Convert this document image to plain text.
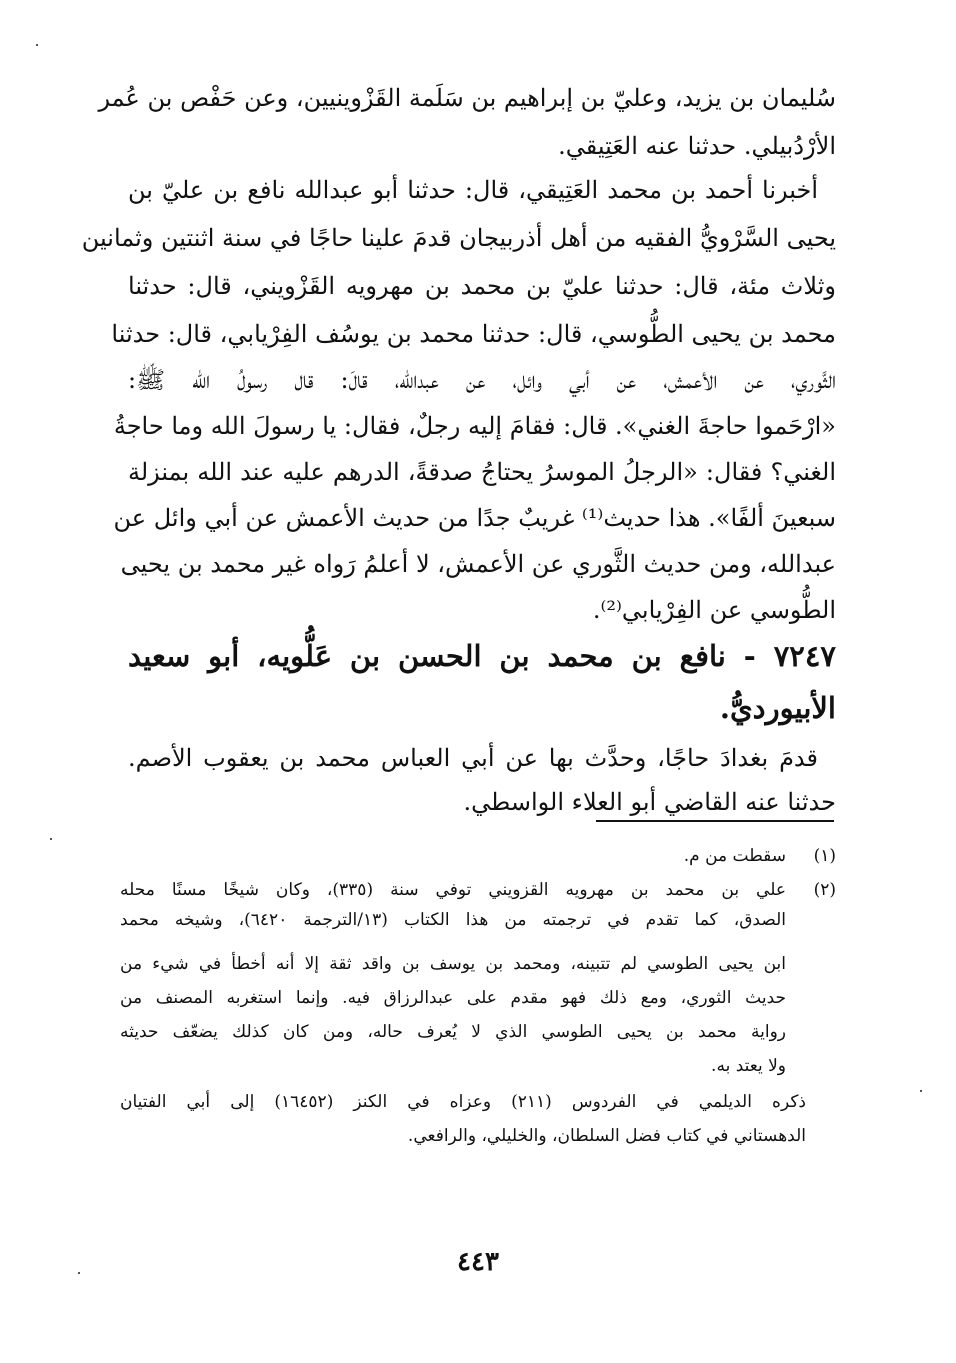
سُليمان بن يزيد، وعليّ بن إبراهيم بن سَلَمة القَزْوينيين، وعن حَفْص بن عُمر
الأرْدُبيلي. حدثنا عنه العَتِيقي.
أخبرنا أحمد بن محمد العَتِيقي، قال: حدثنا أبو عبدالله نافع بن عليّ بن
يحيى السَّرْويُّ الفقيه من أهل أذربيجان قدمَ علينا حاجًا في سنة اثنتين وثمانين
وثلاث مئة، قال: حدثنا عليّ بن محمد بن مهرويه القَزْويني، قال: حدثنا
محمد بن يحيى الطُّوسي، قال: حدثنا محمد بن يوسُف الفِرْيابي، قال: حدثنا
الثَّوري، عن الأعمش، عن أبي وائل، عن عبدالله، قالَ: قال رسولُ الله ﷺ:
«ارْحَموا حاجةَ الغني». قال: فقامَ إليه رجلٌ، فقال: يا رسولَ الله وما حاجةُ
الغني؟ فقال: «الرجلُ الموسرُ يحتاجُ صدقةً، الدرهم عليه عند الله بمنزلة
سبعينَ ألفًا». هذا حديث⁽¹⁾ غريبٌ جدًا من حديث الأعمش عن أبي وائل عن
عبدالله، ومن حديث الثَّوري عن الأعمش، لا أعلمُ رَواه غير محمد بن يحيى
الطُّوسي عن الفِرْيابي⁽²⁾.
٧٢٤٧ - نافع بن محمد بن الحسن بن عَلُّويه، أبو سعيد
الأبيورديُّ.
قدمَ بغدادَ حاجًا، وحدَّث بها عن أبي العباس محمد بن يعقوب الأصم.
حدثنا عنه القاضي أبو العلاء الواسطي.
(١)
سقطت من م.
(٢)
علي بن محمد بن مهرويه القزويني توفي سنة (٣٣٥)، وكان شيخًا مسنًا محله
الصدق، كما تقدم في ترجمته من هذا الكتاب (١٣/الترجمة ٦٤٢٠)، وشيخه محمد
ابن يحيى الطوسي لم تتبينه، ومحمد بن يوسف بن واقد ثقة إلا أنه أخطأ في شيء من
حديث الثوري، ومع ذلك فهو مقدم على عبدالرزاق فيه. وإنما استغربه المصنف من
رواية محمد بن يحيى الطوسي الذي لا يُعرف حاله، ومن كان كذلك يضعّف حديثه
ولا يعتد به.
ذكره الديلمي في الفردوس (٢١١) وعزاه في الكنز (١٦٤٥٢) إلى أبي الفتيان
الدهستاني في كتاب فضل السلطان، والخليلي، والرافعي.
٤٤٣
